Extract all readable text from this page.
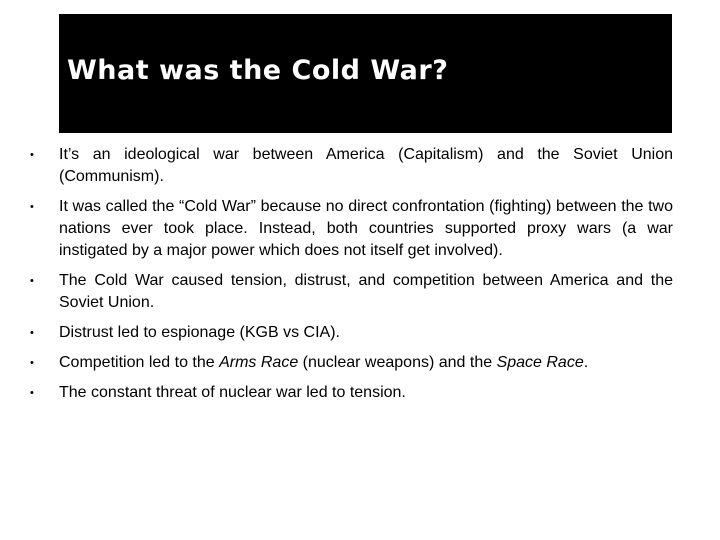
What was the Cold War?
•	It’s an ideological war between America (Capitalism) and the Soviet Union (Communism).
•	It was called the “Cold War” because no direct confrontation (fighting) between the two nations ever took place. Instead, both countries supported proxy wars (a war instigated by a major power which does not itself get involved).
•	The Cold War caused tension, distrust, and competition between America and the Soviet Union.
•	Distrust led to espionage (KGB vs CIA).
•	Competition led to the Arms Race (nuclear weapons) and the Space Race.
•	The constant threat of nuclear war led to tension.
